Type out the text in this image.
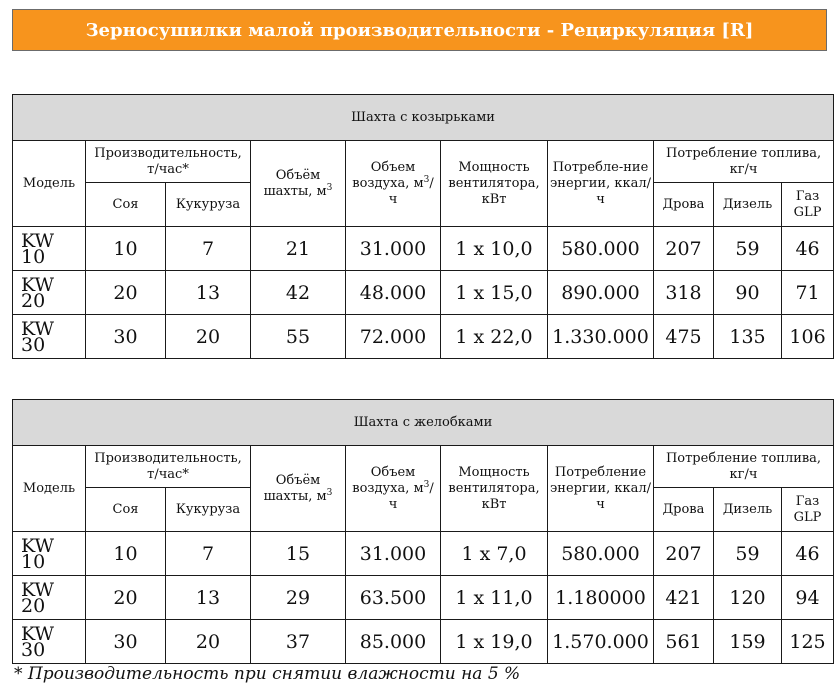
Зерносушилки малой производительности - Рециркуляция [R]
Шахта с козырьками									
Модель	Производительность, т/час*		Объём шахты, $м^3$	Объем воздуха, $м^3/ч$	Мощность вентилятора, кВт	Потребле-ние энергии, ккал/ч	Потребление топлива, кг/ч		
	Соя	Кукуруза					Дрова	Дизель	Газ GLP
KW 10	10	7	21	31.000	1 x 10,0	580.000	207	59	46
KW 20	20	13	42	48.000	1 x 15,0	890.000	318	90	71
KW 30	30	20	55	72.000	1 x 22,0	1.330.000	475	135	106
Шахта с желобками									
Модель	Производительность, т/час*		Объём шахты, $м^3$	Объем воздуха, $м^3/ч$	Мощность вентилятора, кВт	Потребление энергии, ккал/ч	Потребление топлива, кг/ч		
	Соя	Кукуруза					Дрова	Дизель	Газ GLP
KW 10	10	7	15	31.000	1 x 7,0	580.000	207	59	46
KW 20	20	13	29	63.500	1 x 11,0	1.180000	421	120	94
KW 30	30	20	37	85.000	1 x 19,0	1.570.000	561	159	125
* Производительность при снятии влажности на 5 %
